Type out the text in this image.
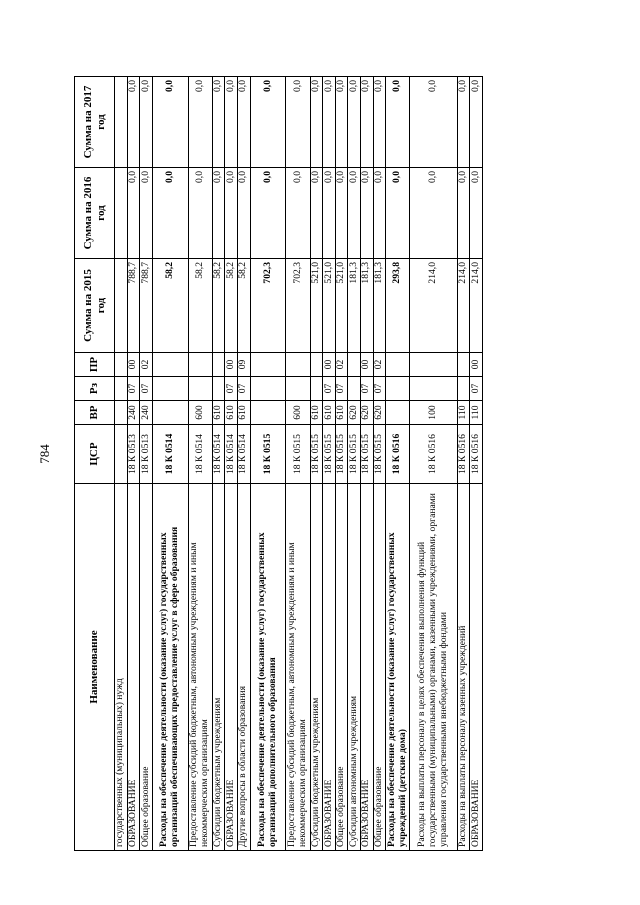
784
Наименование	ЦСР	ВР	Рз	ПР	Сумма на 2015 год	Сумма на 2016 год	Сумма на 2017 год
государственных (муниципальных) нужд							
ОБРАЗОВАНИЕ	18 К 0513	240	07	00	788,7	0,0	0,0
Общее образование	18 К 0513	240	07	02	788,7	0,0	0,0
Расходы на обеспечение деятельности (оказание услуг) государственных организаций обеспечивающих предоставление услуг в сфере образования	18 К 0514				58,2	0,0	0,0
Предоставление субсидий бюджетным, автономным учреждениям и иным некоммерческим организациям	18 К 0514	600			58,2	0,0	0,0
Субсидии бюджетным учреждениям	18 К 0514	610			58,2	0,0	0,0
ОБРАЗОВАНИЕ	18 К 0514	610	07	00	58,2	0,0	0,0
Другие вопросы в области образования	18 К 0514	610	07	09	58,2	0,0	0,0
Расходы на обеспечение деятельности (оказание услуг) государственных организаций дополнительного образования	18 К 0515				702,3	0,0	0,0
Предоставление субсидий бюджетным, автономным учреждениям и иным некоммерческим организациям	18 К 0515	600			702,3	0,0	0,0
Субсидии бюджетным учреждениям	18 К 0515	610			521,0	0,0	0,0
ОБРАЗОВАНИЕ	18 К 0515	610	07	00	521,0	0,0	0,0
Общее образование	18 К 0515	610	07	02	521,0	0,0	0,0
Субсидии автономным учреждениям	18 К 0515	620			181,3	0,0	0,0
ОБРАЗОВАНИЕ	18 К 0515	620	07	00	181,3	0,0	0,0
Общее образование	18 К 0515	620	07	02	181,3	0,0	0,0
Расходы на обеспечение деятельности (оказание услуг) государственных учреждений (детские дома)	18 К 0516				293,8	0,0	0,0
Расходы на выплаты персоналу в целях обеспечения выполнения функций государственными (муниципальными) органами, казенными учреждениями, органами управления государственными внебюджетными фондами	18 К 0516	100			214,0	0,0	0,0
Расходы на выплаты персоналу казенных учреждений	18 К 0516	110			214,0	0,0	0,0
ОБРАЗОВАНИЕ	18 К 0516	110	07	00	214,0	0,0	0,0
